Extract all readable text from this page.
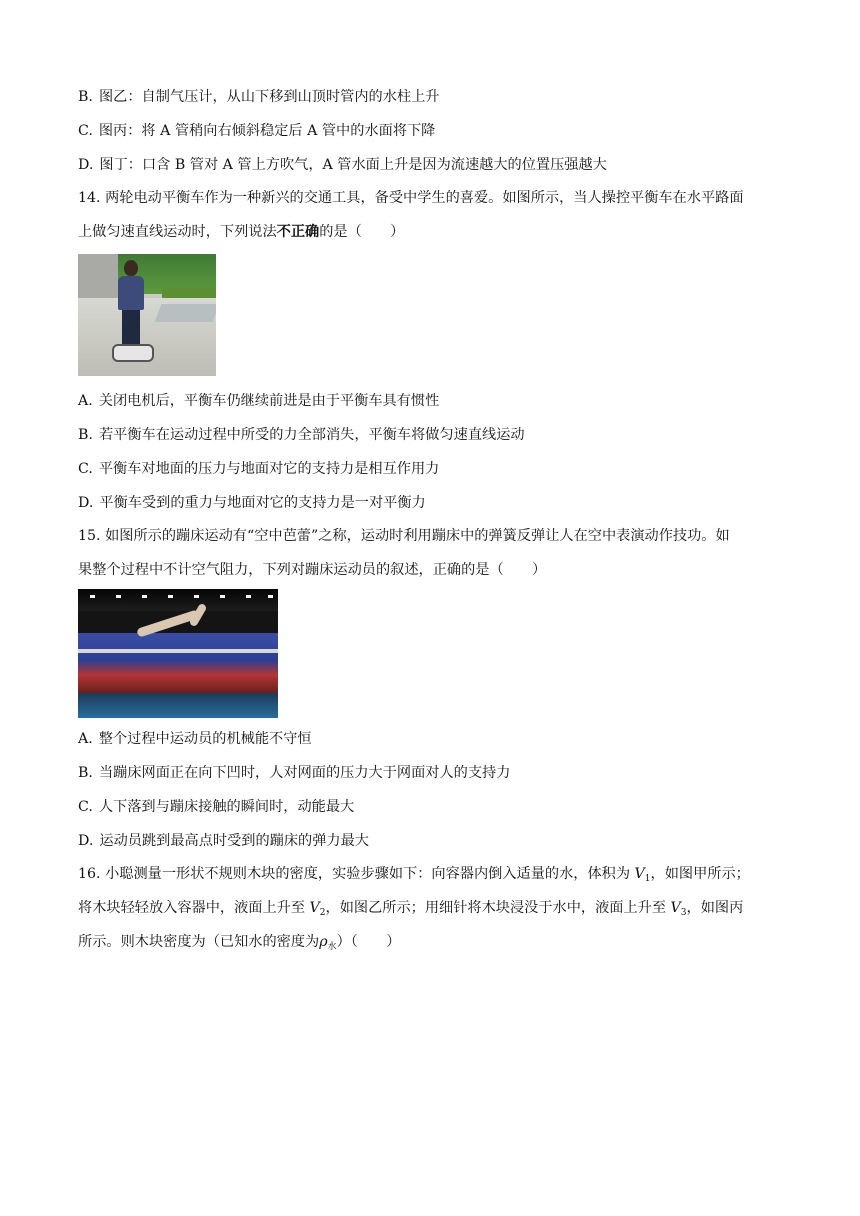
B. 图乙：自制气压计，从山下移到山顶时管内的水柱上升
C. 图丙：将 A 管稍向右倾斜稳定后 A 管中的水面将下降
D. 图丁：口含 B 管对 A 管上方吹气，A 管水面上升是因为流速越大的位置压强越大
14. 两轮电动平衡车作为一种新兴的交通工具，备受中学生的喜爱。如图所示，当人操控平衡车在水平路面
上做匀速直线运动时，下列说法不正确的是（　　）
A. 关闭电机后，平衡车仍继续前进是由于平衡车具有惯性
B. 若平衡车在运动过程中所受的力全部消失，平衡车将做匀速直线运动
C. 平衡车对地面的压力与地面对它的支持力是相互作用力
D. 平衡车受到的重力与地面对它的支持力是一对平衡力
15. 如图所示的蹦床运动有“空中芭蕾”之称，运动时利用蹦床中的弹簧反弹让人在空中表演动作技功。如
果整个过程中不计空气阻力，下列对蹦床运动员的叙述，正确的是（　　）
A. 整个过程中运动员的机械能不守恒
B. 当蹦床网面正在向下凹时，人对网面的压力大于网面对人的支持力
C. 人下落到与蹦床接触的瞬间时，动能最大
D. 运动员跳到最高点时受到的蹦床的弹力最大
16. 小聪测量一形状不规则木块的密度，实验步骤如下：向容器内倒入适量的水，体积为 $V_1$，如图甲所示；
将木块轻轻放入容器中，液面上升至 $V_2$，如图乙所示；用细针将木块浸没于水中，液面上升至 $V_3$，如图丙
所示。则木块密度为（已知水的密度为$\rho_水$）（　　）
